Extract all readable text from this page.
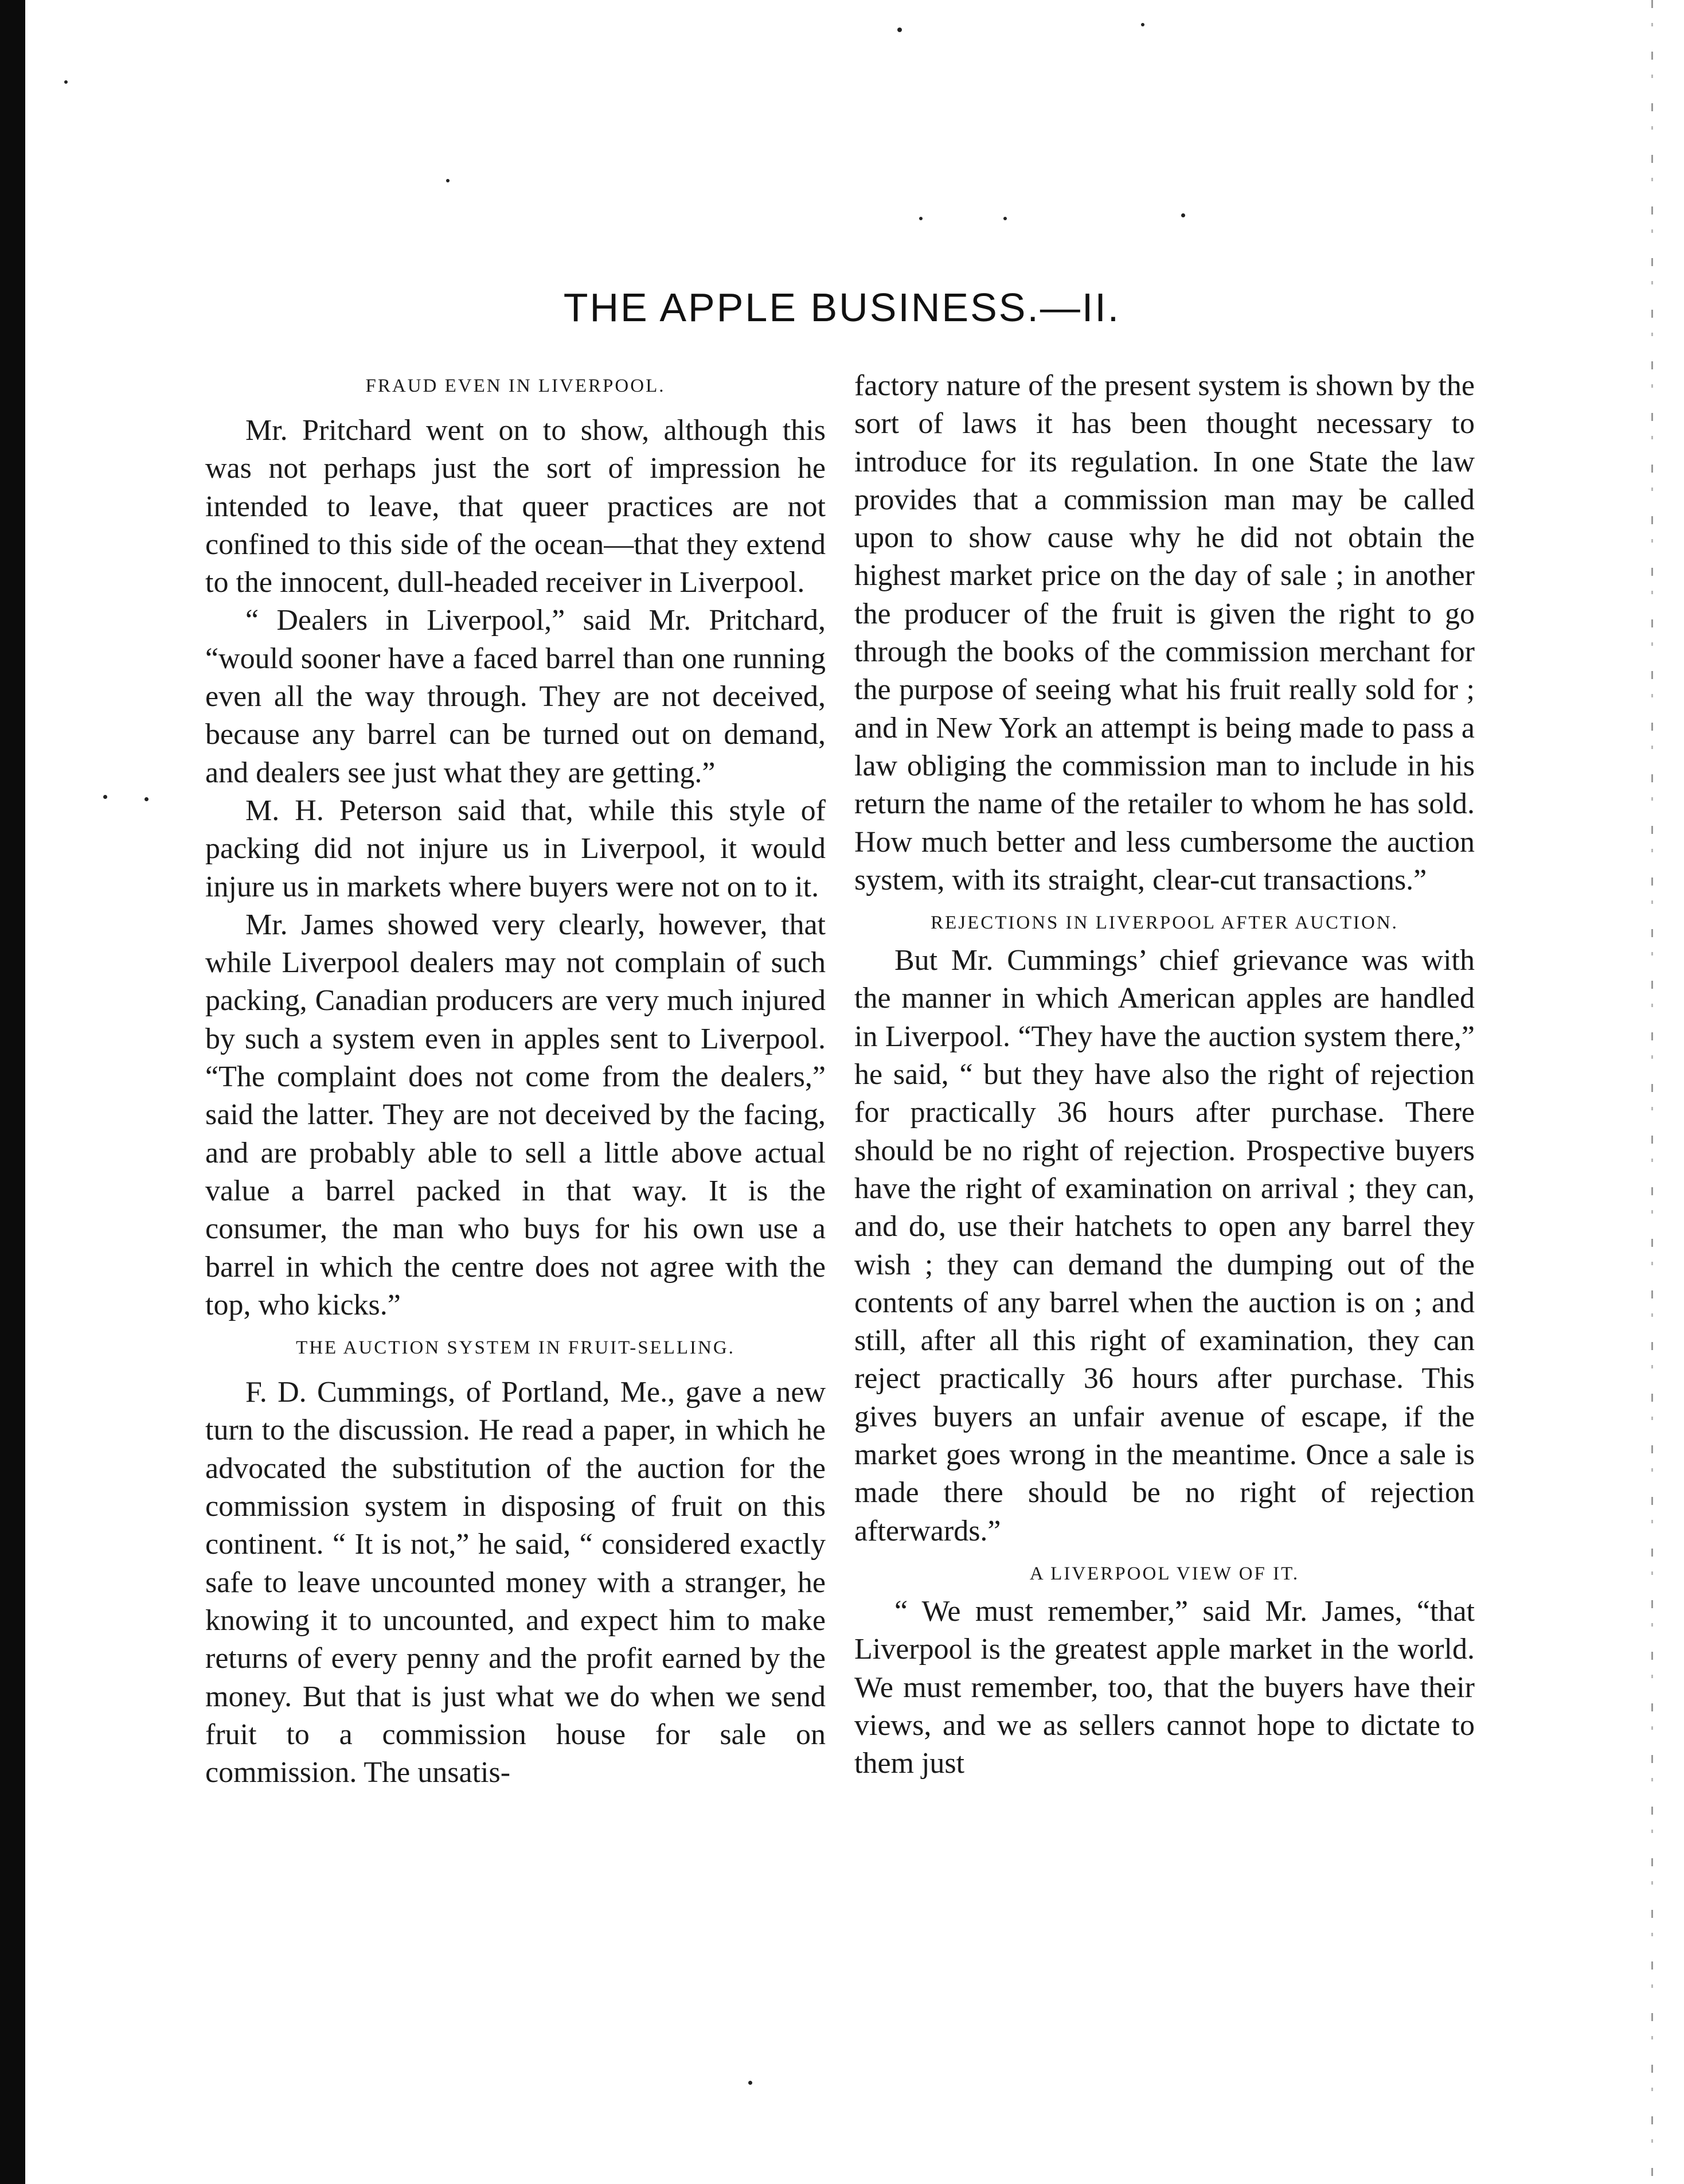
THE APPLE BUSINESS.—II.
FRAUD EVEN IN LIVERPOOL.

Mr. Pritchard went on to show, although this was not perhaps just the sort of impression he intended to leave, that queer practices are not confined to this side of the ocean—that they extend to the innocent, dull-headed receiver in Liverpool.

“ Dealers in Liverpool,” said Mr. Pritchard, “would sooner have a faced barrel than one running even all the way through. They are not deceived, because any barrel can be turned out on demand, and dealers see just what they are getting.”

M. H. Peterson said that, while this style of packing did not injure us in Liverpool, it would injure us in markets where buyers were not on to it.

Mr. James showed very clearly, however, that while Liverpool dealers may not complain of such packing, Canadian producers are very much injured by such a system even in apples sent to Liverpool. “The complaint does not come from the dealers,” said the latter. They are not deceived by the facing, and are probably able to sell a little above actual value a barrel packed in that way. It is the consumer, the man who buys for his own use a barrel in which the centre does not agree with the top, who kicks.”

THE AUCTION SYSTEM IN FRUIT-SELLING.

F. D. Cummings, of Portland, Me., gave a new turn to the discussion. He read a paper, in which he advocated the substitution of the auction for the commission system in disposing of fruit on this continent. “ It is not,” he said, “ considered exactly safe to leave uncounted money with a stranger, he knowing it to uncounted, and expect him to make returns of every penny and the profit earned by the money. But that is just what we do when we send fruit to a commission house for sale on commission. The unsatis-

factory nature of the present system is shown by the sort of laws it has been thought necessary to introduce for its regulation. In one State the law provides that a commission man may be called upon to show cause why he did not obtain the highest market price on the day of sale ; in another the producer of the fruit is given the right to go through the books of the commission merchant for the purpose of seeing what his fruit really sold for ; and in New York an attempt is being made to pass a law obliging the commission man to include in his return the name of the retailer to whom he has sold. How much better and less cumbersome the auction system, with its straight, clear-cut transactions.”

REJECTIONS IN LIVERPOOL AFTER AUCTION.

But Mr. Cummings’ chief grievance was with the manner in which American apples are handled in Liverpool. “They have the auction system there,” he said, “ but they have also the right of rejection for practically 36 hours after purchase. There should be no right of rejection. Prospective buyers have the right of examination on arrival ; they can, and do, use their hatchets to open any barrel they wish ; they can demand the dumping out of the contents of any barrel when the auction is on ; and still, after all this right of examination, they can reject practically 36 hours after purchase. This gives buyers an unfair avenue of escape, if the market goes wrong in the meantime. Once a sale is made there should be no right of rejection afterwards.”

A LIVERPOOL VIEW OF IT.

“ We must remember,” said Mr. James, “that Liverpool is the greatest apple market in the world. We must remember, too, that the buyers have their views, and we as sellers cannot hope to dictate to them just
